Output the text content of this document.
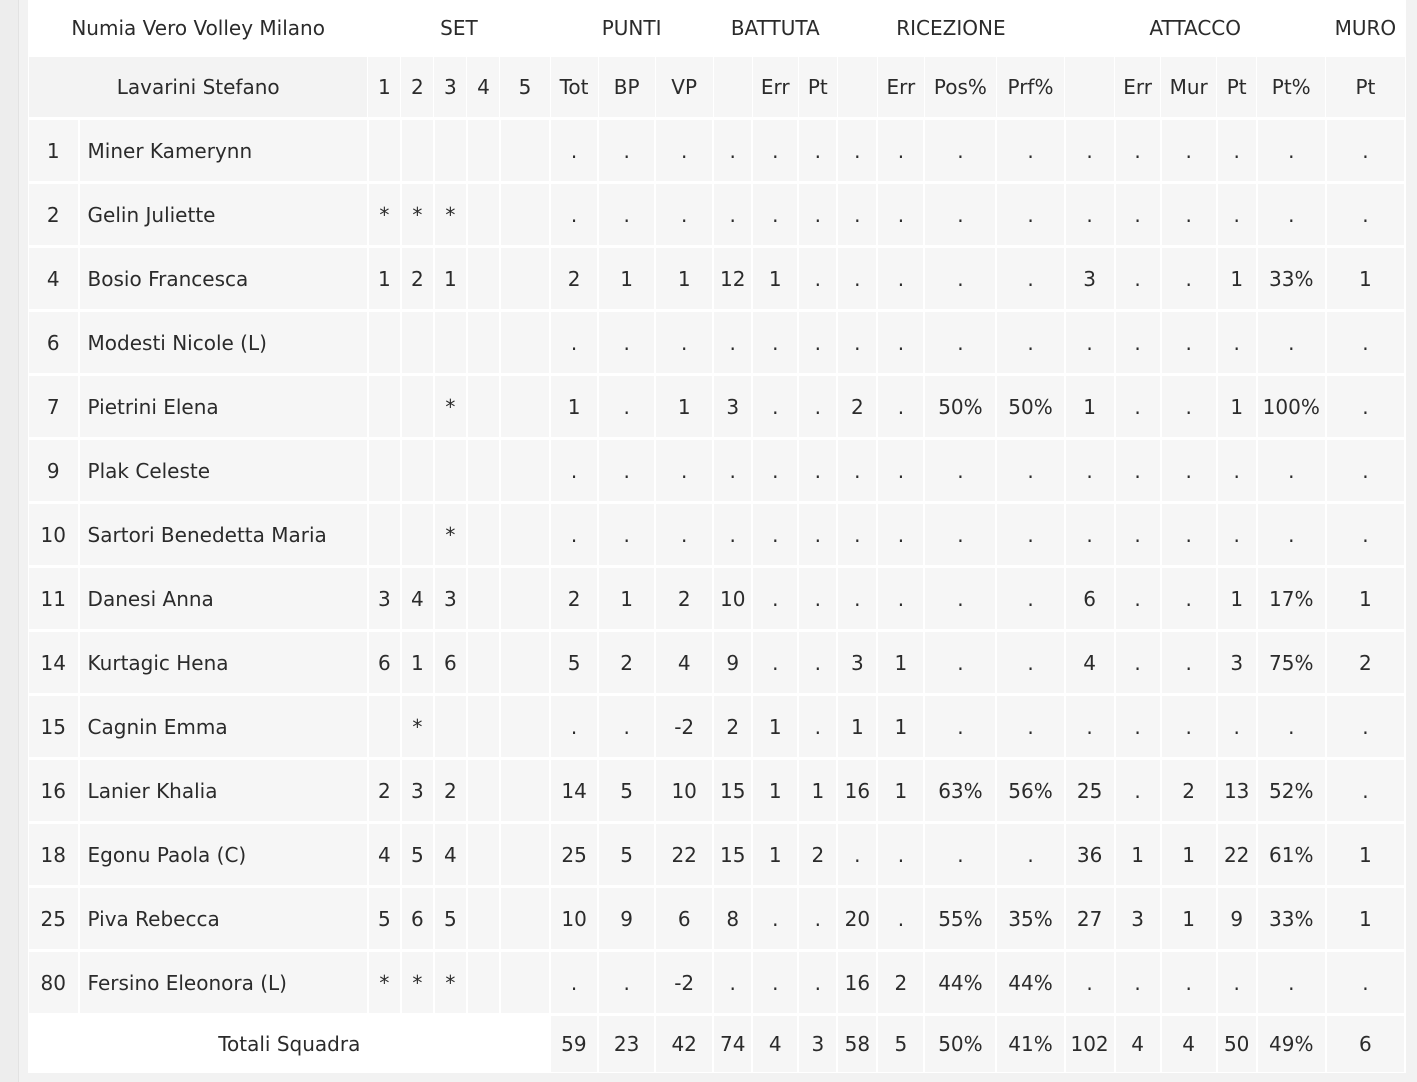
Numia Vero Volley Milano		SET					PUNTI			BATTUTA			RICEZIONE				ATTACCO					MURO
Lavarini Stefano		1	2	3	4	5	Tot	BP	VP		Err	Pt		Err	Pos%	Prf%		Err	Mur	Pt	Pt%	Pt
1	Miner Kamerynn						.	.	.	.	.	.	.	.	.	.	.	.	.	.	.	.
2	Gelin Juliette	*	*	*			.	.	.	.	.	.	.	.	.	.	.	.	.	.	.	.
4	Bosio Francesca	1	2	1			2	1	1	12	1	.	.	.	.	.	3	.	.	1	33%	1
6	Modesti Nicole (L)						.	.	.	.	.	.	.	.	.	.	.	.	.	.	.	.
7	Pietrini Elena			*			1	.	1	3	.	.	2	.	50%	50%	1	.	.	1	100%	.
9	Plak Celeste						.	.	.	.	.	.	.	.	.	.	.	.	.	.	.	.
10	Sartori Benedetta Maria			*			.	.	.	.	.	.	.	.	.	.	.	.	.	.	.	.
11	Danesi Anna	3	4	3			2	1	2	10	.	.	.	.	.	.	6	.	.	1	17%	1
14	Kurtagic Hena	6	1	6			5	2	4	9	.	.	3	1	.	.	4	.	.	3	75%	2
15	Cagnin Emma		*				.	.	-2	2	1	.	1	1	.	.	.	.	.	.	.	.
16	Lanier Khalia	2	3	2			14	5	10	15	1	1	16	1	63%	56%	25	.	2	13	52%	.
18	Egonu Paola (C)	4	5	4			25	5	22	15	1	2	.	.	.	.	36	1	1	22	61%	1
25	Piva Rebecca	5	6	5			10	9	6	8	.	.	20	.	55%	35%	27	3	1	9	33%	1
80	Fersino Eleonora (L)	*	*	*			.	.	-2	.	.	.	16	2	44%	44%	.	.	.	.	.	.
Totali Squadra							59	23	42	74	4	3	58	5	50%	41%	102	4	4	50	49%	6
